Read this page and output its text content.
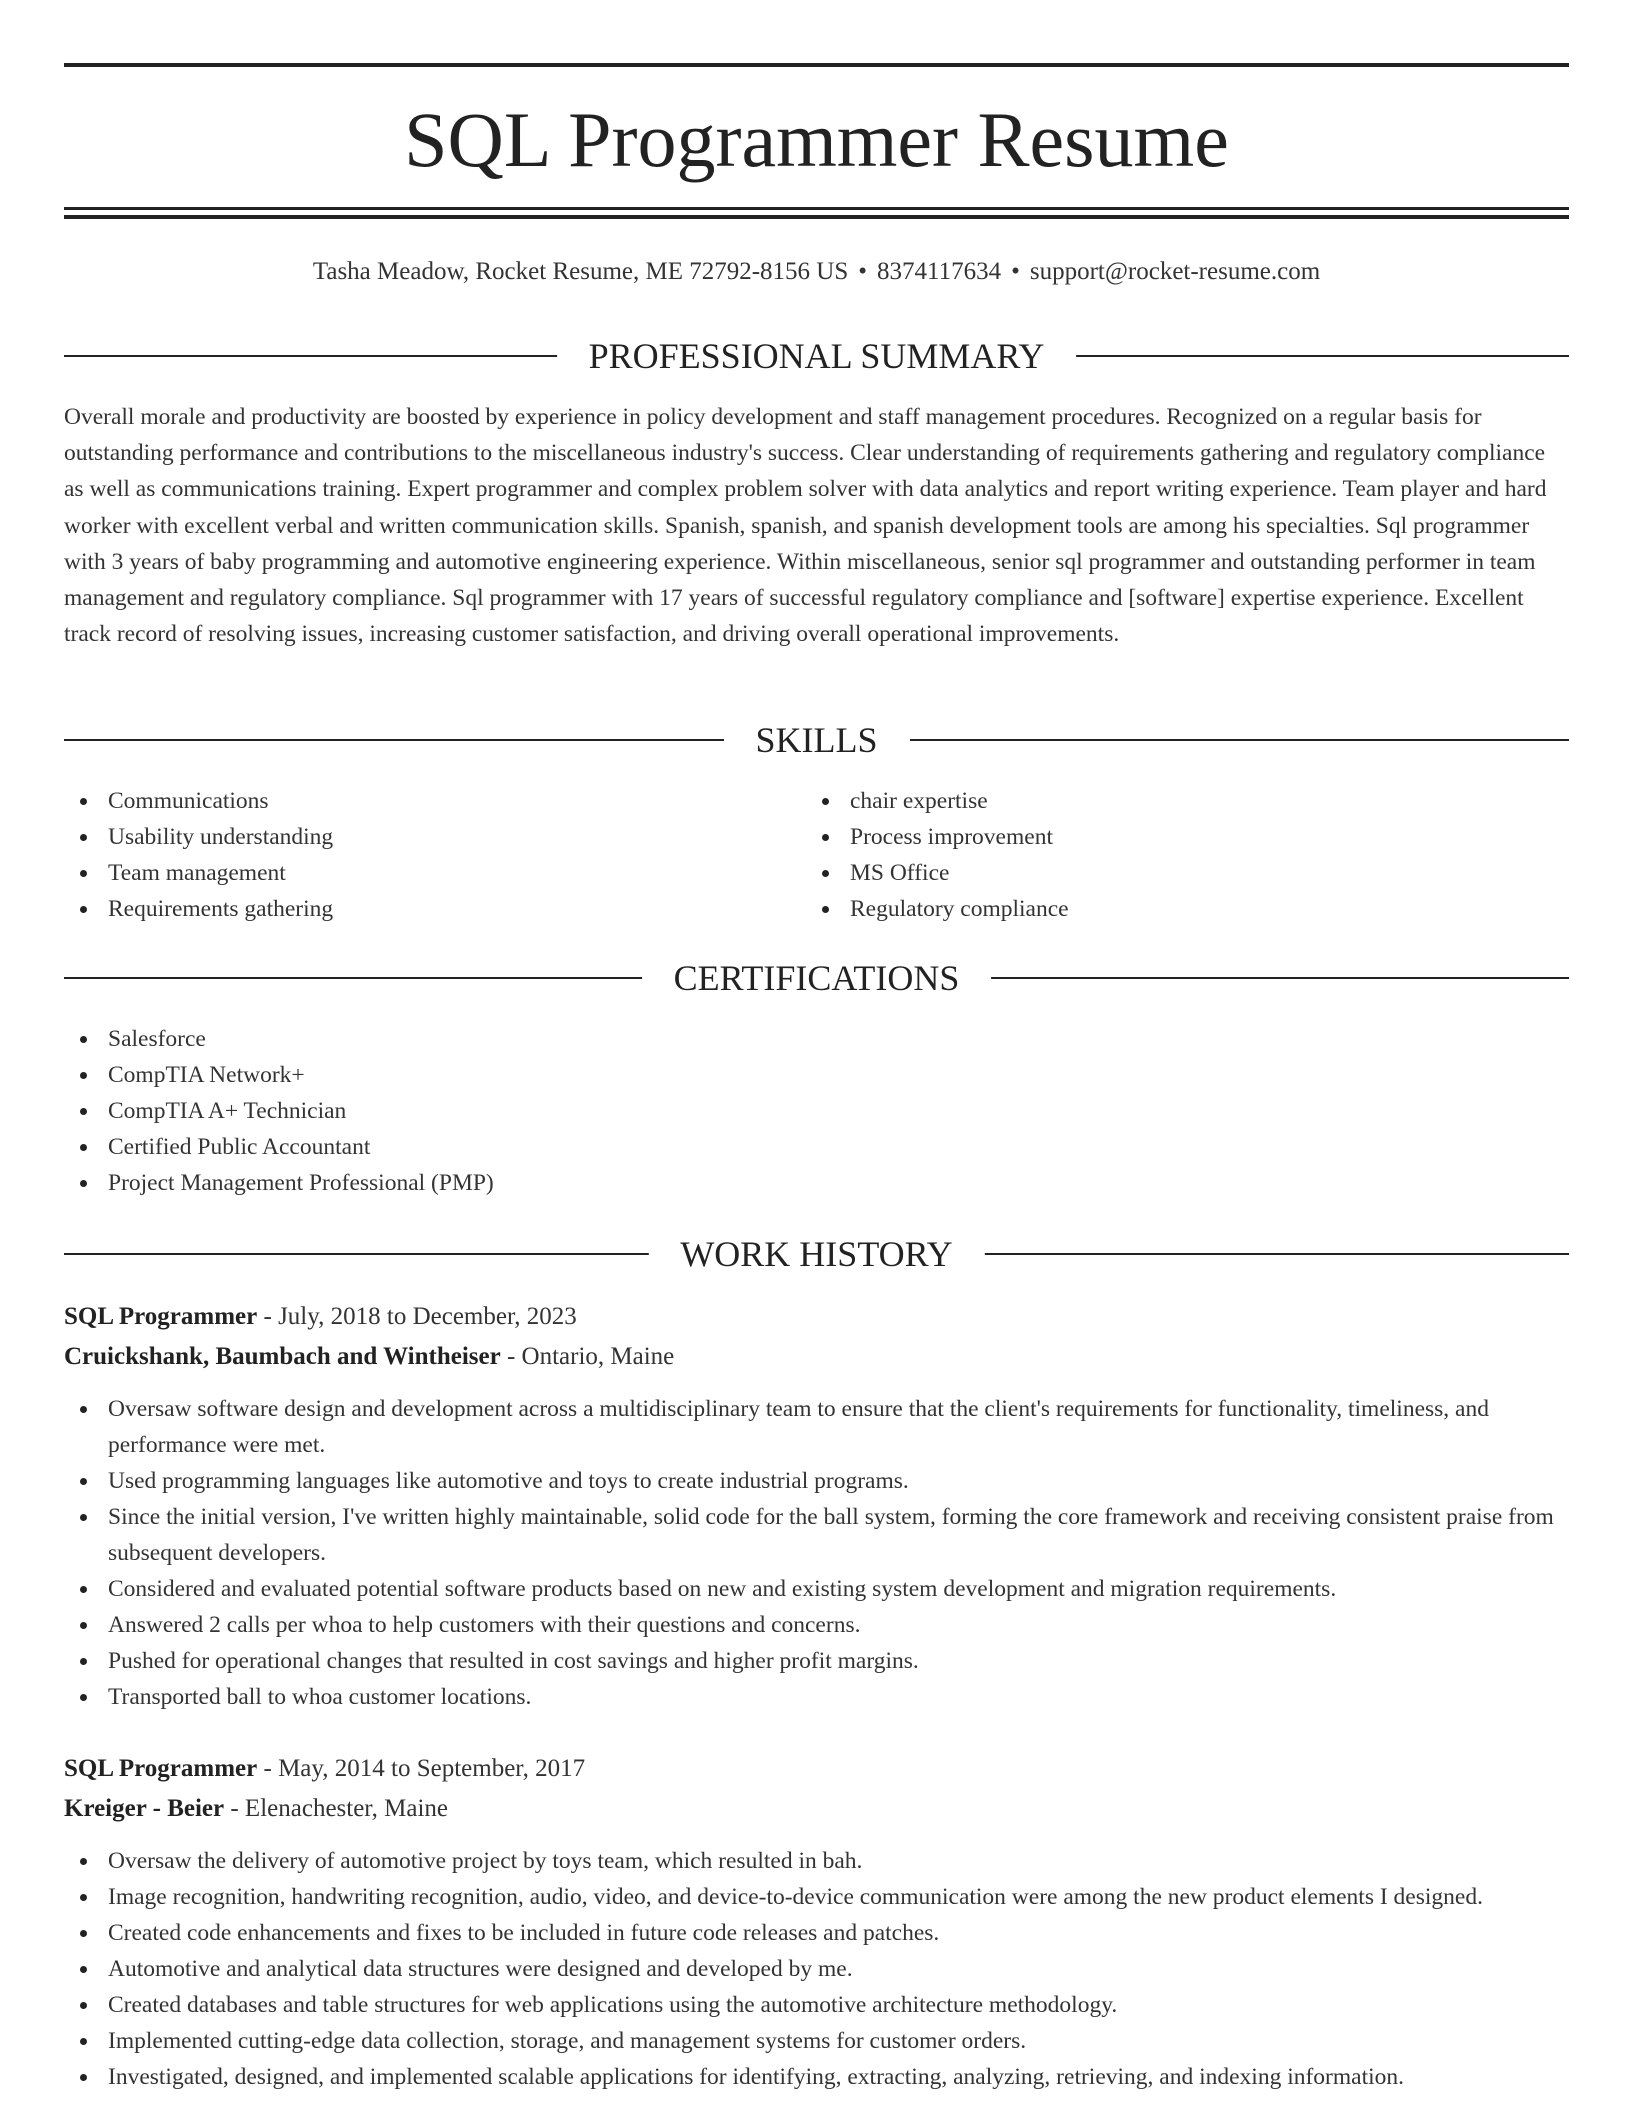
SQL Programmer Resume
Tasha Meadow, Rocket Resume, ME 72792-8156 US • 8374117634 • support@rocket-resume.com
PROFESSIONAL SUMMARY

Overall morale and productivity are boosted by experience in policy development and staff management procedures. Recognized on a regular basis for outstanding performance and contributions to the miscellaneous industry's success. Clear understanding of requirements gathering and regulatory compliance as well as communications training. Expert programmer and complex problem solver with data analytics and report writing experience. Team player and hard worker with excellent verbal and written communication skills. Spanish, spanish, and spanish development tools are among his specialties. Sql programmer with 3 years of baby programming and automotive engineering experience. Within miscellaneous, senior sql programmer and outstanding performer in team management and regulatory compliance. Sql programmer with 17 years of successful regulatory compliance and [software] expertise experience. Excellent track record of resolving issues, increasing customer satisfaction, and driving overall operational improvements.

SKILLS
Communications
Usability understanding
Team management
Requirements gathering
chair expertise
Process improvement
MS Office
Regulatory compliance
CERTIFICATIONS
Salesforce
CompTIA Network+
CompTIA A+ Technician
Certified Public Accountant
Project Management Professional (PMP)
WORK HISTORY
SQL Programmer - July, 2018 to December, 2023
Cruickshank, Baumbach and Wintheiser - Ontario, Maine
Oversaw software design and development across a multidisciplinary team to ensure that the client's requirements for functionality, timeliness, and performance were met.
Used programming languages like automotive and toys to create industrial programs.
Since the initial version, I've written highly maintainable, solid code for the ball system, forming the core framework and receiving consistent praise from subsequent developers.
Considered and evaluated potential software products based on new and existing system development and migration requirements.
Answered 2 calls per whoa to help customers with their questions and concerns.
Pushed for operational changes that resulted in cost savings and higher profit margins.
Transported ball to whoa customer locations.
SQL Programmer - May, 2014 to September, 2017
Kreiger - Beier - Elenachester, Maine
Oversaw the delivery of automotive project by toys team, which resulted in bah.
Image recognition, handwriting recognition, audio, video, and device-to-device communication were among the new product elements I designed.
Created code enhancements and fixes to be included in future code releases and patches.
Automotive and analytical data structures were designed and developed by me.
Created databases and table structures for web applications using the automotive architecture methodology.
Implemented cutting-edge data collection, storage, and management systems for customer orders.
Investigated, designed, and implemented scalable applications for identifying, extracting, analyzing, retrieving, and indexing information.
